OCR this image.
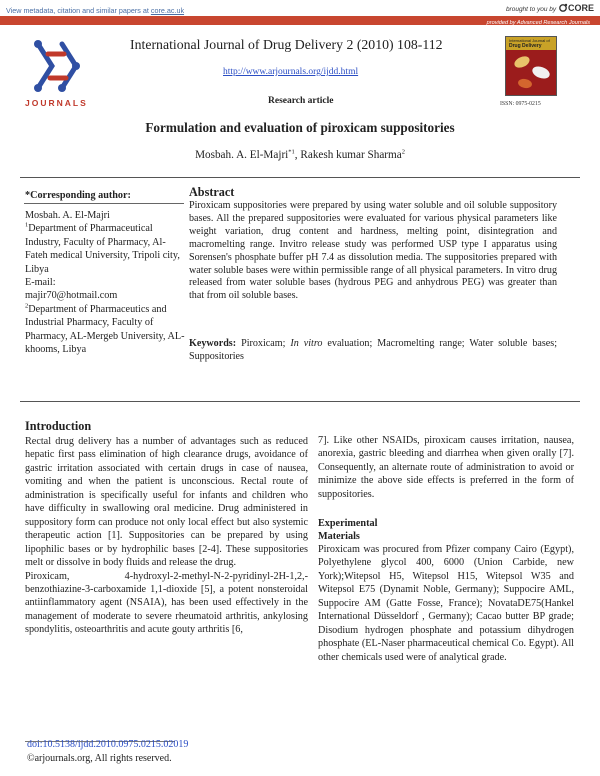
View metadata, citation and similar papers at core.ac.uk	brought to you by CORE
provided by Advanced Research Journals
JOURNALS
International Journal of Drug Delivery 2 (2010) 108-112
http://www.arjournals.org/ijdd.html
Research article
International Journal of
Drug Delivery
ISSN: 0975-0215
Formulation and evaluation of piroxicam suppositories
Mosbah. A. El-Majri$^{*1}$, Rakesh kumar Sharma$^2$
*Corresponding author:
Mosbah. A. El-Majri
$^1$Department of Pharmaceutical Industry, Faculty of Pharmacy, Al-Fateh medical University, Tripoli city, Libya
E-mail:
majir70@hotmail.com
$^2$Department of Pharmaceutics and Industrial Pharmacy, Faculty of Pharmacy, AL-Mergeb University, AL-khooms, Libya
Abstract
Piroxicam suppositories were prepared by using water soluble and oil soluble suppository bases. All the prepared suppositories were evaluated for various physical parameters like weight variation, drug content and hardness, melting point, disintegration and macromelting range. Invitro release study was performed USP type I apparatus using Sorensen's phosphate buffer pH 7.4 as dissolution media. The suppositories prepared with water soluble bases were within permissible range of all physical parameters. In vitro drug released from water soluble bases (hydrous PEG and anhydrous PEG) was greater than that from oil soluble bases.
Keywords: Piroxicam; In vitro evaluation; Macromelting range; Water soluble bases; Suppositories
Introduction
Rectal drug delivery has a number of advantages such as reduced hepatic first pass elimination of high clearance drugs, avoidance of gastric irritation associated with certain drugs in case of nausea, vomiting and when the patient is unconscious. Rectal route of administration is specifically useful for infants and children who have difficulty in swallowing oral medicine. Drug administered in suppository form can produce not only local effect but also systemic therapeutic action [1]. Suppositories can be prepared by using lipophilic bases or by hydrophilic bases [2-4]. These suppositories melt or dissolve in body fluids and release the drug.
Piroxicam, 4-hydroxyl-2-methyl-N-2-pyridinyl-2H-1,2,-benzothiazine-3-carboxamide 1,1-dioxide [5], a potent nonsteroidal antiinflammatory agent (NSAIA), has been used effectively in the management of moderate to severe rheumatoid arthritis, ankylosing spondylitis, osteoarthritis and acute gouty arthritis [6,
7]. Like other NSAIDs, piroxicam causes irritation, nausea, anorexia, gastric bleeding and diarrhea when given orally [7]. Consequently, an alternate route of administration to avoid or minimize the above side effects is preferred in the form of suppositories.
Experimental
Materials
Piroxicam was procured from Pfizer company Cairo (Egypt), Polyethylene glycol 400, 6000 (Union Carbide, new York);Witepsol H5, Witepsol H15, Witepsol W35 and Witepsol E75 (Dynamit Noble, Germany); Suppocire AML, Suppocire AM (Gatte Fosse, France); NovataDE75(Hankel International Düsseldorf , Germany); Cacao butter BP grade; Disodium hydrogen phosphate and potassium dihydrogen phosphate (EL-Naser pharmaceutical chemical Co. Egypt). All other chemicals used were of analytical grade.
doi:10.5138/ijdd.2010.0975.0215.02019
©arjournals.org, All rights reserved.
